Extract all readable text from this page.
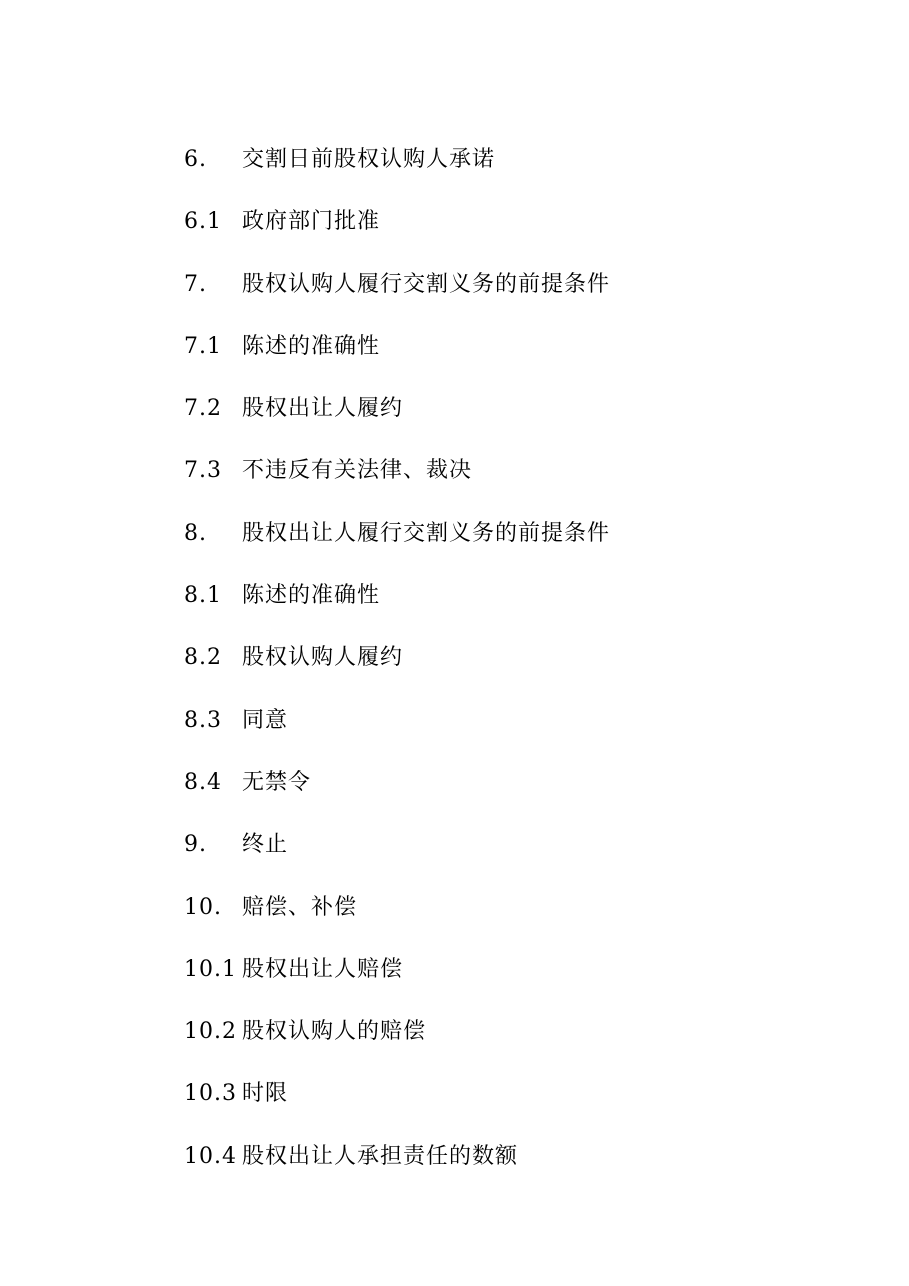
6.	交割日前股权认购人承诺
6.1 政府部门批准
7.	股权认购人履行交割义务的前提条件
7.1 陈述的准确性
7.2 股权出让人履约
7.3 不违反有关法律、裁决
8.	股权出让人履行交割义务的前提条件
8.1 陈述的准确性
8.2 股权认购人履约
8.3 同意
8.4 无禁令
9.	终止
10. 赔偿、补偿
10.1 股权出让人赔偿
10.2 股权认购人的赔偿
10.3 时限
10.4 股权出让人承担责任的数额
